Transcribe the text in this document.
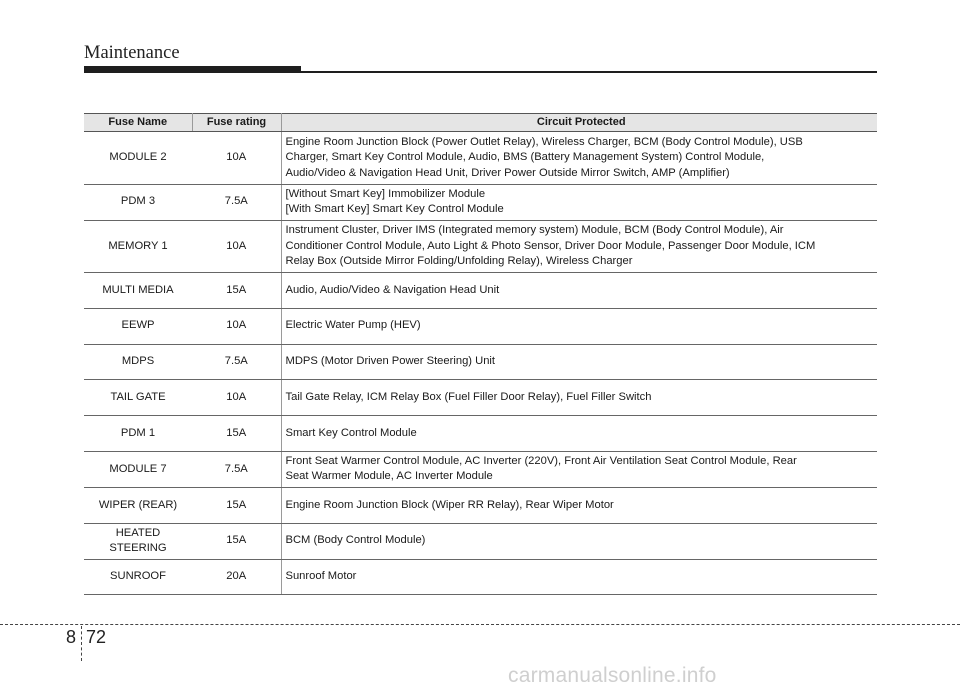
Maintenance
Fuse Name	Fuse rating	Circuit Protected
MODULE 2	10A	Engine Room Junction Block (Power Outlet Relay), Wireless Charger, BCM (Body Control Module), USB
Charger, Smart Key Control Module, Audio, BMS (Battery Management System) Control Module,
Audio/Video & Navigation Head Unit, Driver Power Outside Mirror Switch, AMP (Amplifier)
PDM 3	7.5A	[Without Smart Key] Immobilizer Module
[With Smart Key] Smart Key Control Module
MEMORY 1	10A	Instrument Cluster, Driver IMS (Integrated memory system) Module, BCM (Body Control Module), Air
Conditioner Control Module, Auto Light & Photo Sensor, Driver Door Module, Passenger Door Module, ICM
Relay Box (Outside Mirror Folding/Unfolding Relay), Wireless Charger
MULTI MEDIA	15A	Audio, Audio/Video & Navigation Head Unit
EEWP	10A	Electric Water Pump (HEV)
MDPS	7.5A	MDPS (Motor Driven Power Steering) Unit
TAIL GATE	10A	Tail Gate Relay, ICM Relay Box (Fuel Filler Door Relay), Fuel Filler Switch
PDM 1	15A	Smart Key Control Module
MODULE 7	7.5A	Front Seat Warmer Control Module, AC Inverter (220V), Front Air Ventilation Seat Control Module, Rear
Seat Warmer Module, AC Inverter Module
WIPER (REAR)	15A	Engine Room Junction Block (Wiper RR Relay), Rear Wiper Motor
HEATED
STEERING	15A	BCM (Body Control Module)
SUNROOF	20A	Sunroof Motor
8 72
carmanualsonline.info
